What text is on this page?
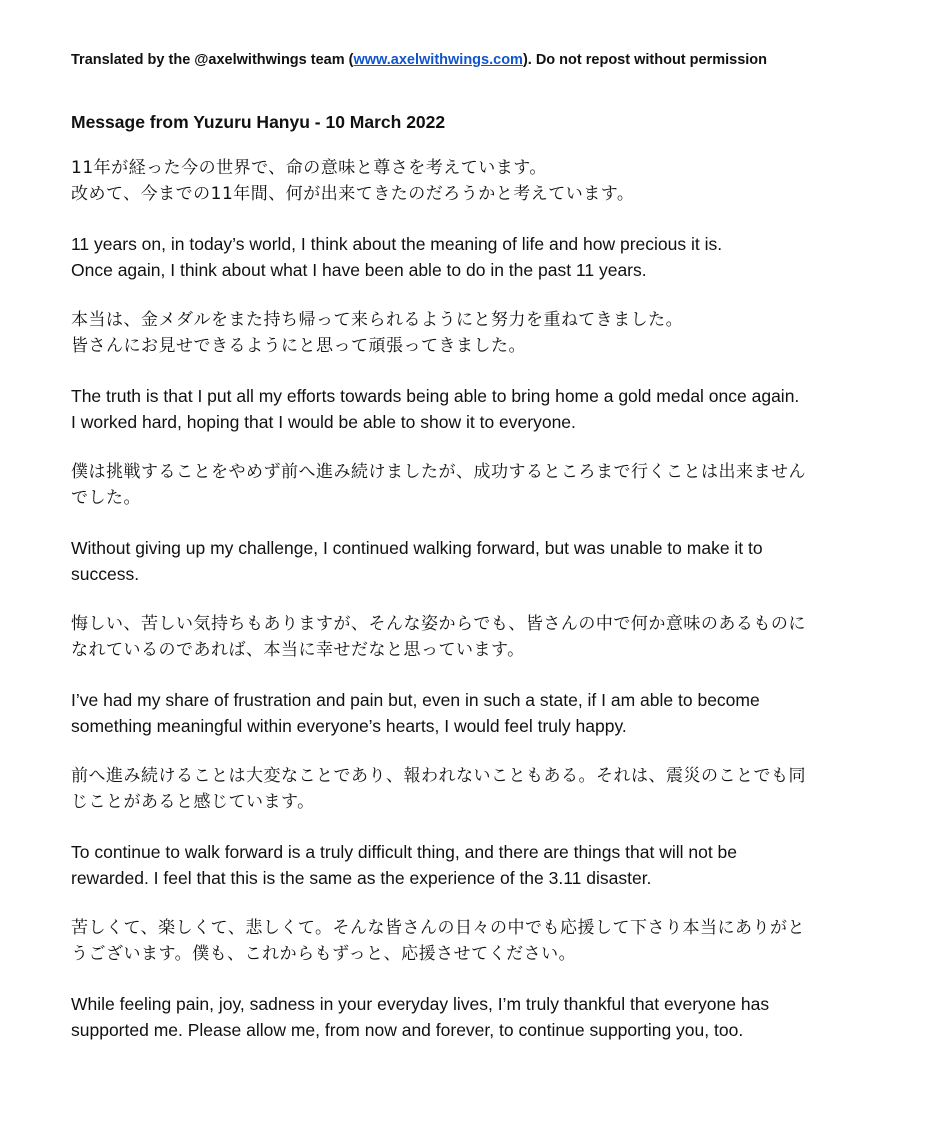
Translated by the @axelwithwings team (www.axelwithwings.com). Do not repost without permission

Message from Yuzuru Hanyu - 10 March 2022

11年が経った今の世界で、命の意味と尊さを考えています。
改めて、今までの11年間、何が出来てきたのだろうかと考えています。

11 years on, in today’s world, I think about the meaning of life and how precious it is.
Once again, I think about what I have been able to do in the past 11 years.

本当は、金メダルをまた持ち帰って来られるようにと努力を重ねてきました。
皆さんにお見せできるようにと思って頑張ってきました。

The truth is that I put all my efforts towards being able to bring home a gold medal once again.
I worked hard, hoping that I would be able to show it to everyone.

僕は挑戦することをやめず前へ進み続けましたが、成功するところまで行くことは出来ません
でした。

Without giving up my challenge, I continued walking forward, but was unable to make it to
success.

悔しい、苦しい気持ちもありますが、そんな姿からでも、皆さんの中で何か意味のあるものに
なれているのであれば、本当に幸せだなと思っています。

I’ve had my share of frustration and pain but, even in such a state, if I am able to become
something meaningful within everyone’s hearts, I would feel truly happy.

前へ進み続けることは大変なことであり、報われないこともある。それは、震災のことでも同
じことがあると感じています。

To continue to walk forward is a truly difficult thing, and there are things that will not be
rewarded. I feel that this is the same as the experience of the 3.11 disaster.

苦しくて、楽しくて、悲しくて。そんな皆さんの日々の中でも応援して下さり本当にありがと
うございます。僕も、これからもずっと、応援させてください。

While feeling pain, joy, sadness in your everyday lives, I’m truly thankful that everyone has
supported me. Please allow me, from now and forever, to continue supporting you, too.
